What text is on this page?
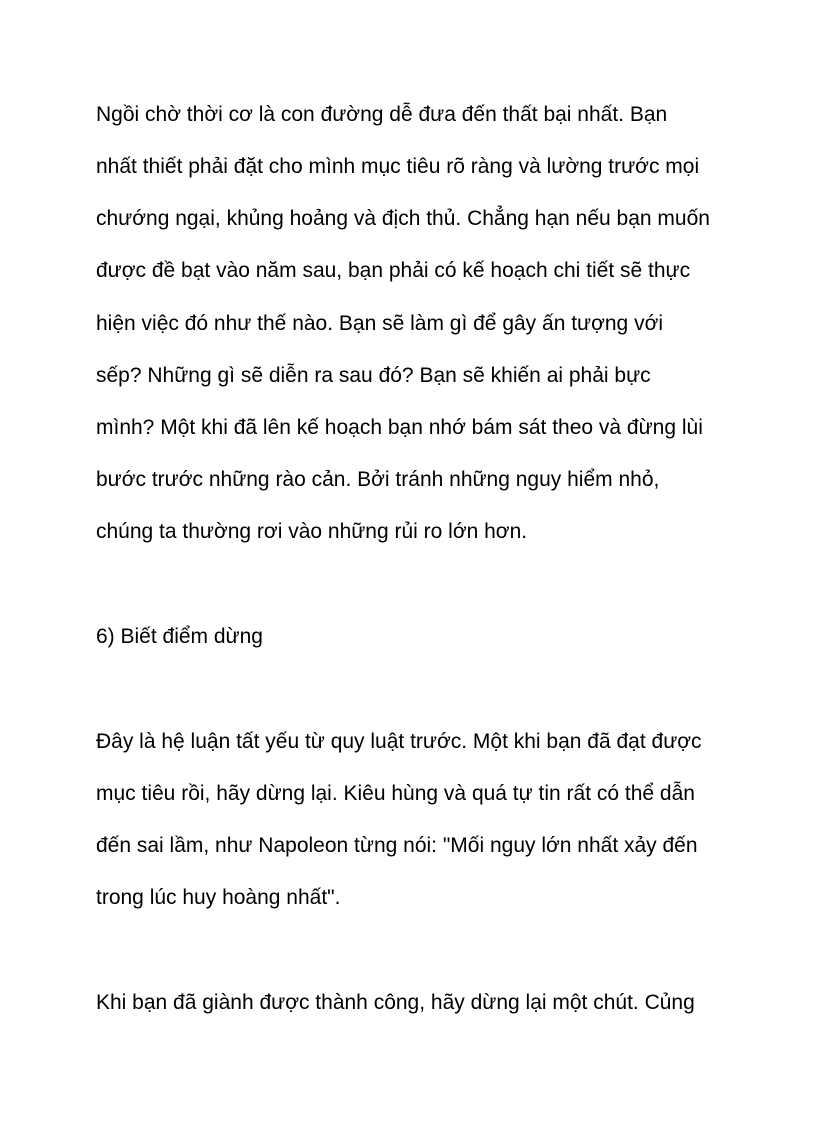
Ngồi chờ thời cơ là con đường dễ đưa đến thất bại nhất. Bạn

nhất thiết phải đặt cho mình mục tiêu rõ ràng và lường trước mọi

chướng ngại, khủng hoảng và địch thủ. Chẳng hạn nếu bạn muốn

được đề bạt vào năm sau, bạn phải có kế hoạch chi tiết sẽ thực

hiện việc đó như thế nào. Bạn sẽ làm gì để gây ấn tượng với

sếp? Những gì sẽ diễn ra sau đó? Bạn sẽ khiến ai phải bực

mình? Một khi đã lên kế hoạch bạn nhớ bám sát theo và đừng lùi

bước trước những rào cản. Bởi tránh những nguy hiểm nhỏ,

chúng ta thường rơi vào những rủi ro lớn hơn.

6) Biết điểm dừng

Đây là hệ luận tất yếu từ quy luật trước. Một khi bạn đã đạt được

mục tiêu rồi, hãy dừng lại. Kiêu hùng và quá tự tin rất có thể dẫn

đến sai lầm, như Napoleon từng nói: "Mối nguy lớn nhất xảy đến

trong lúc huy hoàng nhất".

Khi bạn đã giành được thành công, hãy dừng lại một chút. Củng
